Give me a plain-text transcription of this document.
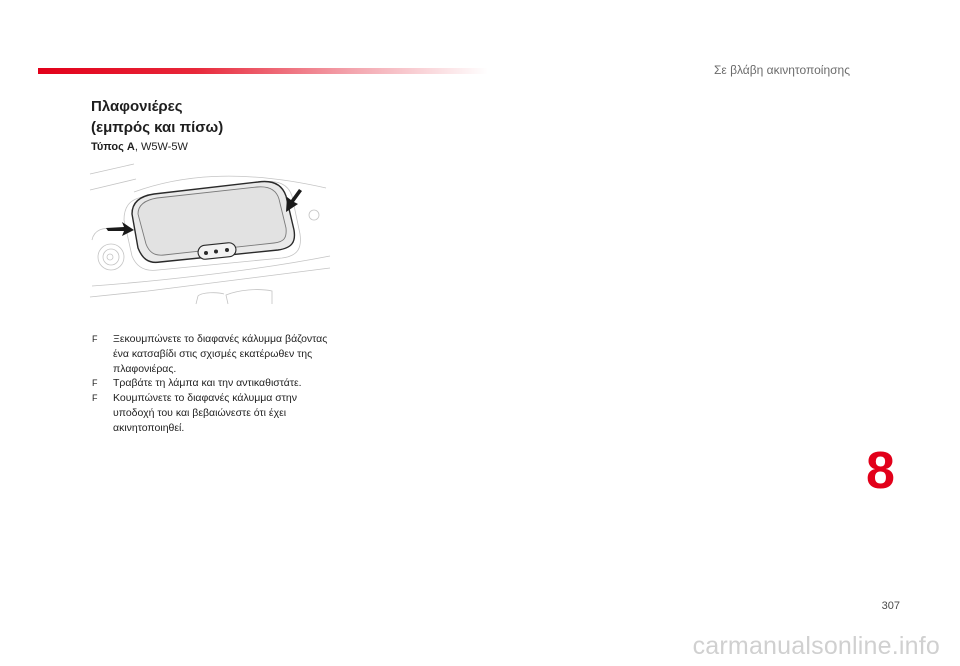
Σε βλάβη ακινητοποίησης
Πλαφονιέρες
(εμπρός και πίσω)
Τύπος A, W5W-5W
F Ξεκουμπώνετε το διαφανές κάλυμμα βάζοντας ένα κατσαβίδι στις σχισμές εκατέρωθεν της πλαφονιέρας.
F Τραβάτε τη λάμπα και την αντικαθιστάτε.
F Κουμπώνετε το διαφανές κάλυμμα στην υποδοχή του και βεβαιώνεστε ότι έχει ακινητοποιηθεί.
8
307
carmanualsonline.info
